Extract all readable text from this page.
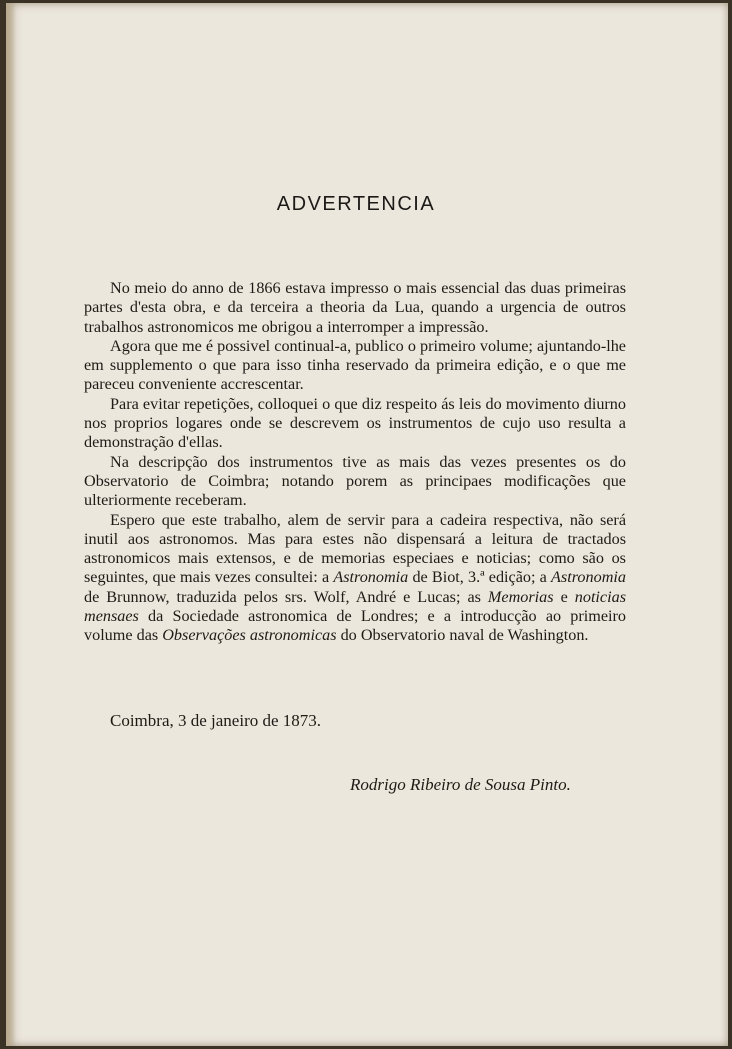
ADVERTENCIA

No meio do anno de 1866 estava impresso o mais essencial das duas primeiras partes d'esta obra, e da terceira a theoria da Lua, quando a urgencia de outros trabalhos astronomicos me obrigou a interromper a impressão.

Agora que me é possivel continual-a, publico o primeiro volume; ajuntando-lhe em supplemento o que para isso tinha reservado da primeira edição, e o que me pareceu conveniente accrescentar.

Para evitar repetições, colloquei o que diz respeito ás leis do movimento diurno nos proprios logares onde se descrevem os instrumentos de cujo uso resulta a demonstração d'ellas.

Na descripção dos instrumentos tive as mais das vezes presentes os do Observatorio de Coimbra; notando porem as principaes modificações que ulteriormente receberam.

Espero que este trabalho, alem de servir para a cadeira respectiva, não será inutil aos astronomos. Mas para estes não dispensará a leitura de tractados astronomicos mais extensos, e de memorias especiaes e noticias; como são os seguintes, que mais vezes consultei: a Astronomia de Biot, 3.ª edição; a Astronomia de Brunnow, traduzida pelos srs. Wolf, André e Lucas; as Memorias e noticias mensaes da Sociedade astronomica de Londres; e a introducção ao primeiro volume das Observações astronomicas do Observatorio naval de Washington.

Coimbra, 3 de janeiro de 1873.
Rodrigo Ribeiro de Sousa Pinto.
